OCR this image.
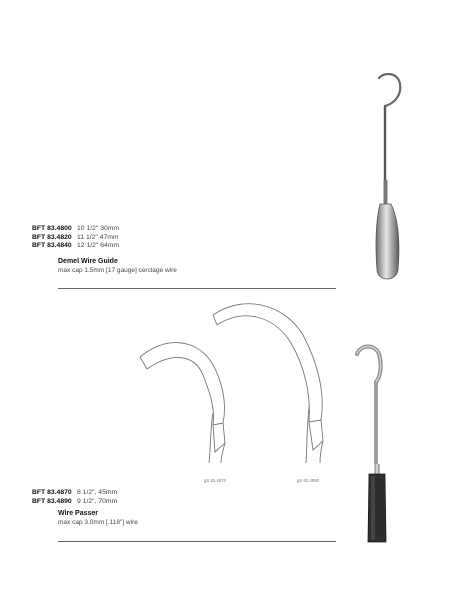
BFT 83.4800 10 1/2" 30mm
BFT 83.4820 11 1/2" 47mm
BFT 83.4840 12 1/2" 64mm
Demel Wire Guide
max cap 1.5mm [17 gauge] cerclage wire
gS 82.4870	gS 82.4890
BFT 83.4870 8 1/2", 45mm
BFT 83.4890 9 1/2", 70mm
Wire Passer
max cap 3.0mm [.118"] wire
